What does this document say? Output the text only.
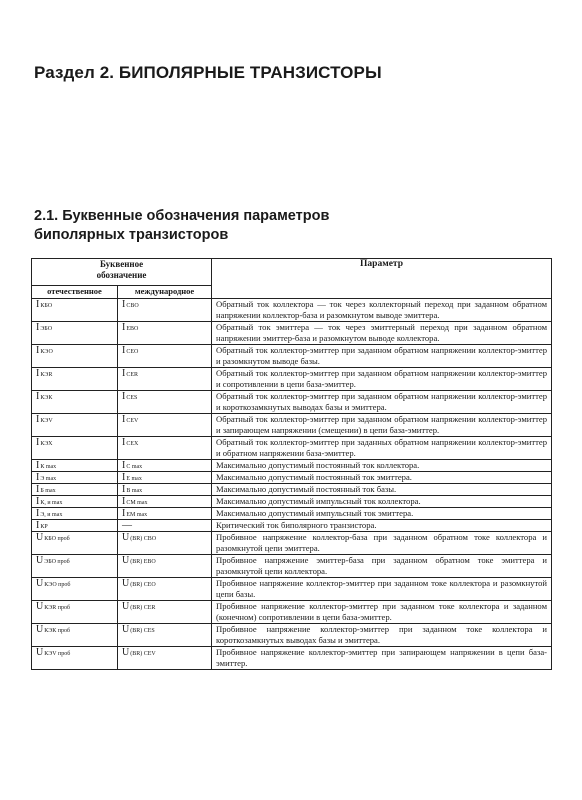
Раздел 2. БИПОЛЯРНЫЕ ТРАНЗИСТОРЫ
2.1. Буквенные обозначения параметров
биполярных транзисторов
Буквенное
обозначение		Параметр
отечественное	международное	
IКБО	ICBO	Обратный ток коллектора — ток через коллекторный переход при заданном обратном напряжении коллектор-база и разомкнутом выводе эмиттера.
IЭБО	IEBO	Обратный ток эмиттера — ток через эмиттерный переход при заданном обратном напряжении эмиттер-база и разомкнутом выводе коллектора.
IКЭО	ICEO	Обратный ток коллектор-эмиттер при заданном обратном напряжении коллектор-эмиттер и разомкнутом выводе базы.
IКЭR	ICER	Обратный ток коллектор-эмиттер при заданном обратном напряжении коллектор-эмиттер и сопротивлении в цепи база-эмиттер.
IКЭК	ICES	Обратный ток коллектор-эмиттер при заданном обратном напряжении коллектор-эмиттер и короткозамкнутых выводах базы и эмиттера.
IКЭV	ICEV	Обратный ток коллектор-эмиттер при заданном обратном напряжении коллектор-эмиттер и запирающем напряжении (смещении) в цепи база-эмиттер.
IКЭХ	ICEX	Обратный ток коллектор-эмиттер при заданных обратном напряжении коллектор-эмиттер и обратном напряжении база-эмиттер.
IК max	IC max	Максимально допустимый постоянный ток коллектора.
IЭ max	IE max	Максимально допустимый постоянный ток эмиттера.
IБ max	IB max	Максимально допустимый постоянный ток базы.
IК, и max	ICM max	Максимально допустимый импульсный ток коллектора.
IЭ, и max	IEM max	Максимально допустимый импульсный ток эмиттера.
IКР	—	Критический ток биполярного транзистора.
UКБО проб	U(BR) CBO	Пробивное напряжение коллектор-база при заданном обратном токе коллектора и разомкнутой цепи эмиттера.
UЭБО проб	U(BR) EBO	Пробивное напряжение эмиттер-база при заданном обратном токе эмиттера и разомкнутой цепи коллектора.
UКЭО проб	U(BR) CEO	Пробивное напряжение коллектор-эмиттер при заданном токе коллектора и разомкнутой цепи базы.
UКЭR проб	U(BR) CER	Пробивное напряжение коллектор-эмиттер при заданном токе коллектора и заданном (конечном) сопротивлении в цепи база-эмиттер.
UКЭК проб	U(BR) CES	Пробивное напряжение коллектор-эмиттер при заданном токе коллектора и короткозамкнутых выводах базы и эмиттера.
UКЭV проб	U(BR) CEV	Пробивное напряжение коллектор-эмиттер при запирающем напряжении в цепи база-эмиттер.
